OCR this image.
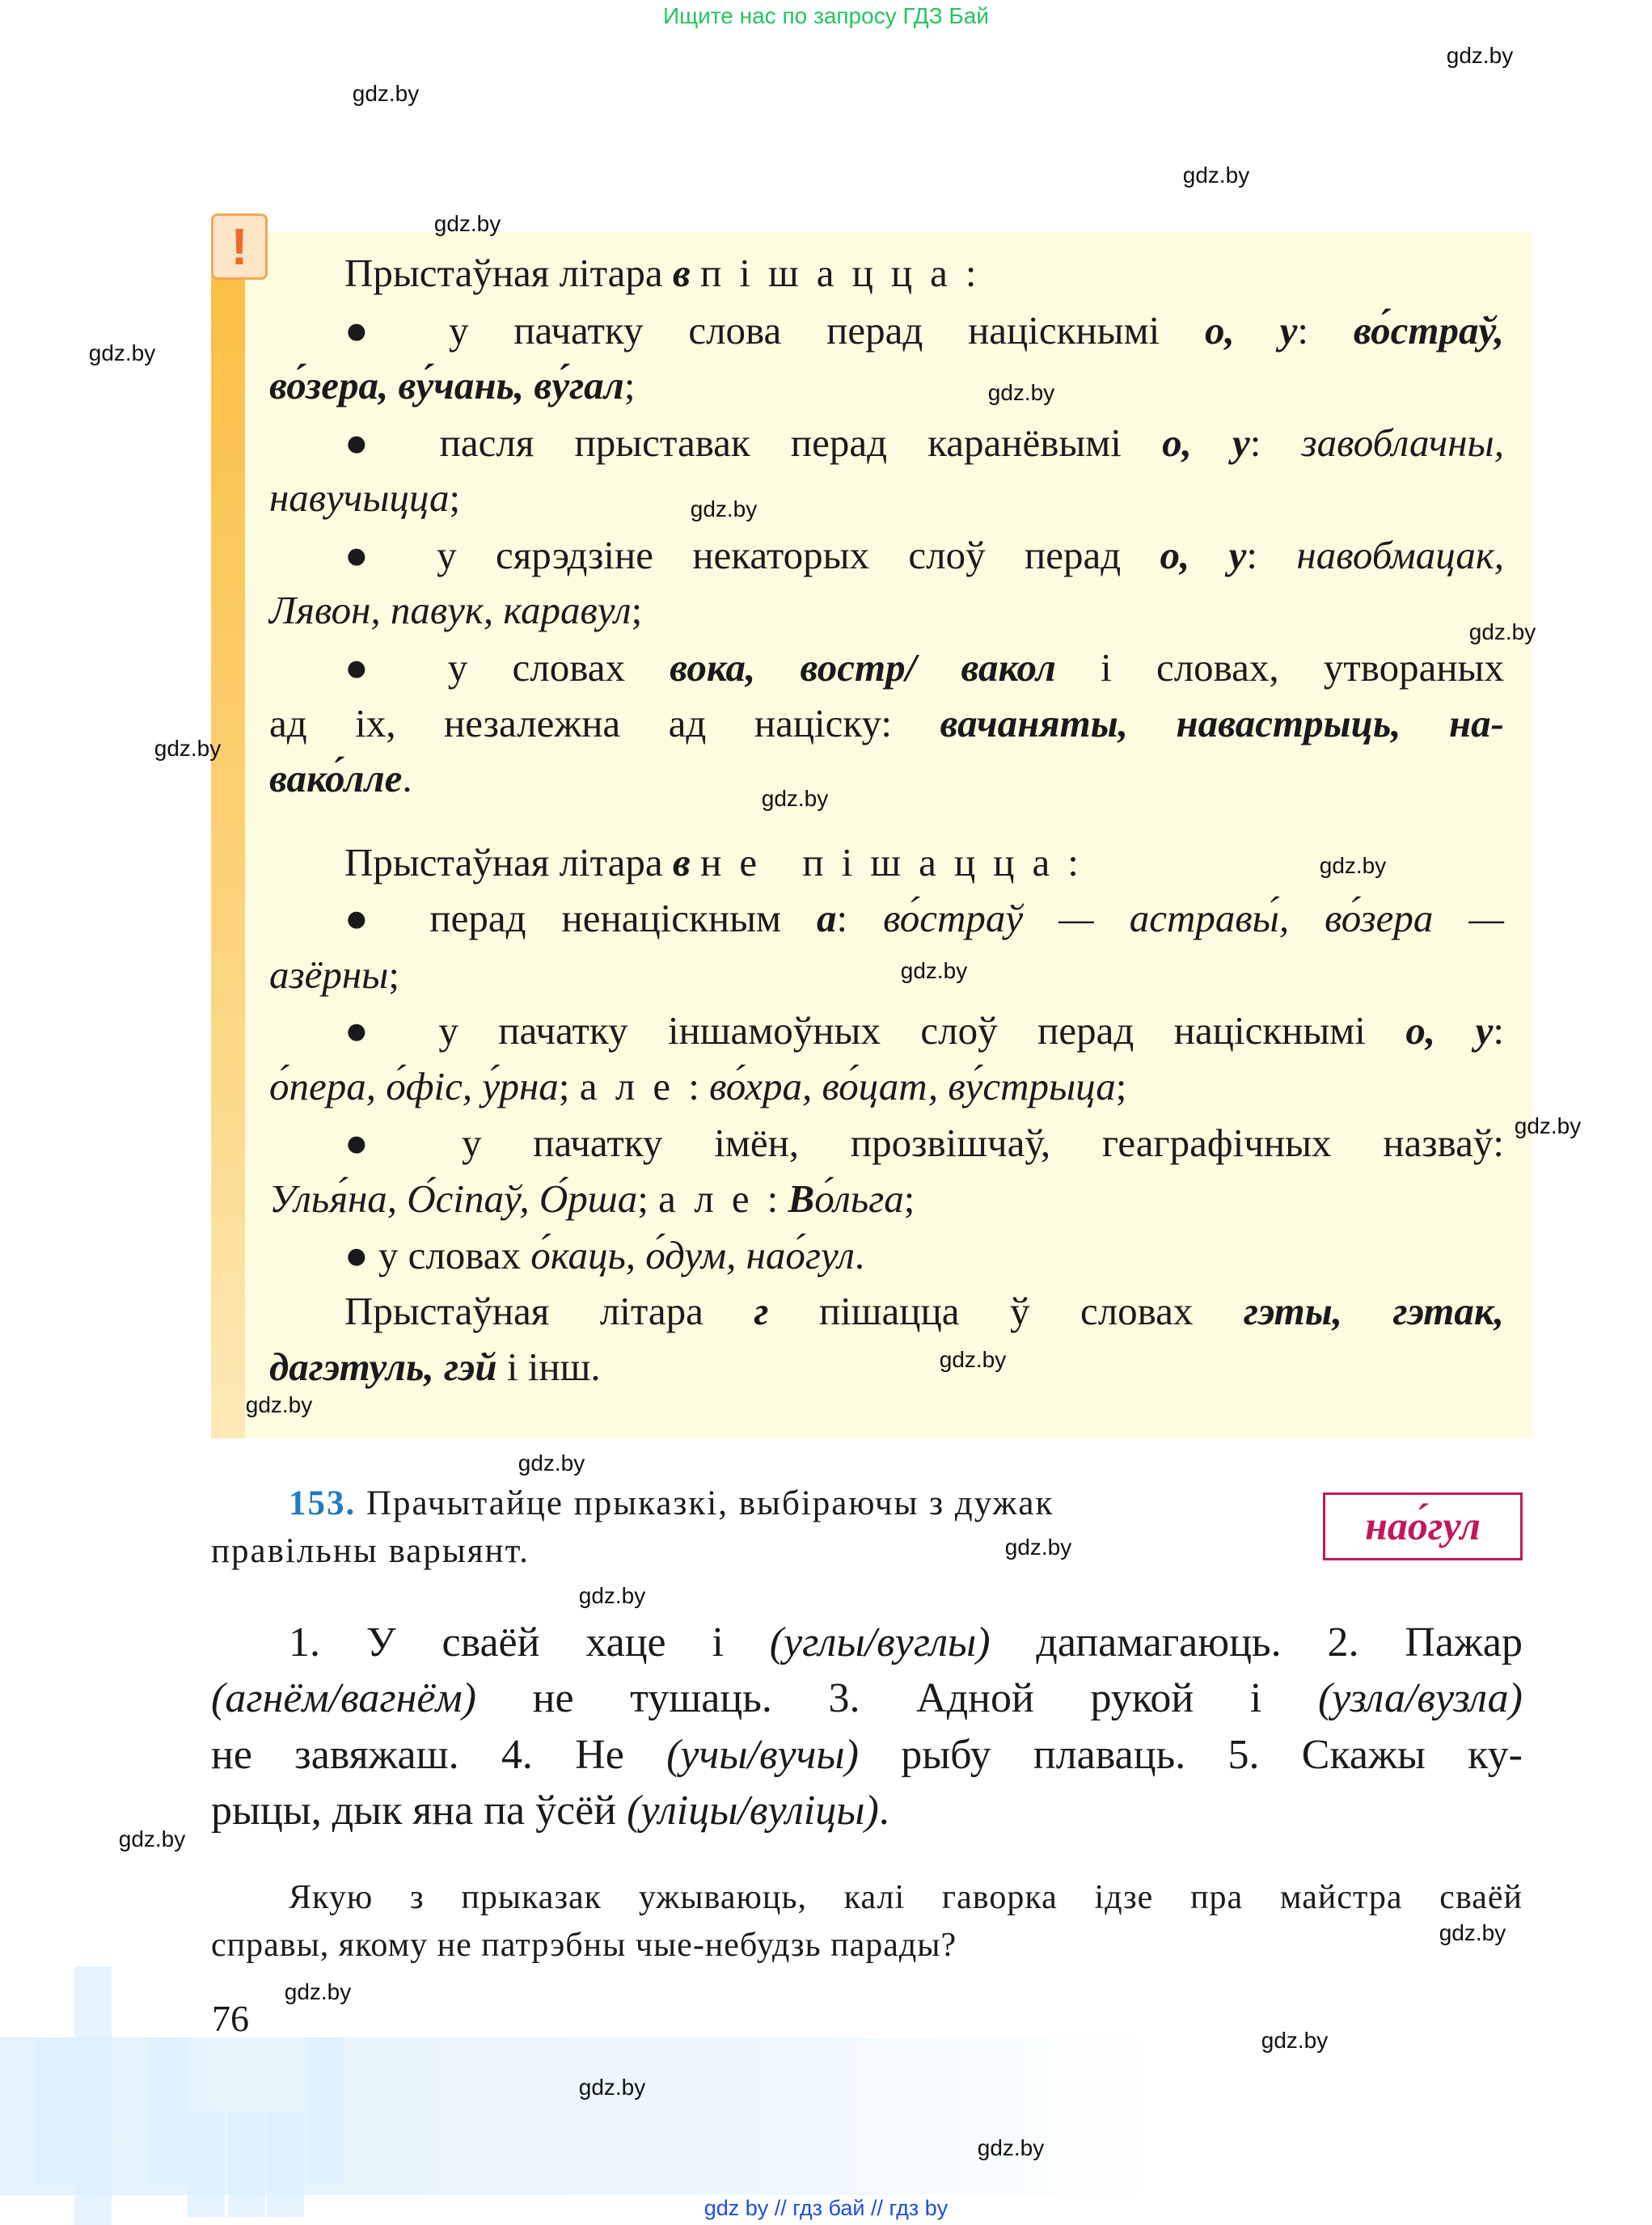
Ищите нас по запросу ГДЗ Бай
!	Прыстаўная літара в пішацца:
● у пачатку слова перад націскнымі о, у: во́страў,
во́зера, ву́чань, ву́гал;
● пасля прыставак перад каранёвымі о, у: завоблачны,
навучыцца;
● у сярэдзіне некаторых слоў перад о, у: навобмацак,
Лявон, павук, каравул;
● у словах вока, востр/ вакол і словах, утвораных
ад іх, незалежна ад націску: вачаняты, навастрыць, на-
вако́лле.
Прыстаўная літара в не пішацца:
● перад ненаціскным а: во́страў — астравы́, во́зера —
азёрны;
● у пачатку іншамоўных слоў перад націскнымі о, у:
о́пера, о́фіс, у́рна; але: во́хра, во́цат, ву́стрыца;
● у пачатку імён, прозвішчаў, геаграфічных назваў:
Улья́на, О́сіпаў, О́рша; але: Во́льга;
● у словах о́каць, о́дум, нао́гул.
Прыстаўная літара г пішацца ў словах гэты, гэтак,
дагэтуль, гэй і інш.
153. Прачытайце прыказкі, выбіраючы з дужак
правільны варыянт.
нао́гул
1. У сваёй хаце і (углы/вуглы) дапамагаюць. 2. Пажар
(агнём/вагнём) не тушаць. 3. Адной рукой і (узла/вузла)
не завяжаш. 4. Не (учы/вучы) рыбу плаваць. 5. Скажы ку-
рыцы, дык яна па ўсёй (уліцы/вуліцы).
Якую з прыказак ужываюць, калі гаворка ідзе пра майстра сваёй
справы, якому не патрэбны чые-небудзь парады?
76
gdz.by
gdz.by
gdz.by
gdz.by
gdz.by
gdz.by
gdz.by
gdz.by
gdz.by
gdz.by
gdz.by
gdz.by
gdz.by
gdz.by
gdz.by
gdz.by
gdz.by
gdz.by
gdz.by
gdz.by
gdz.by
gdz.by
gdz.by
gdz.by
gdz by // гдз бай // гдз by
